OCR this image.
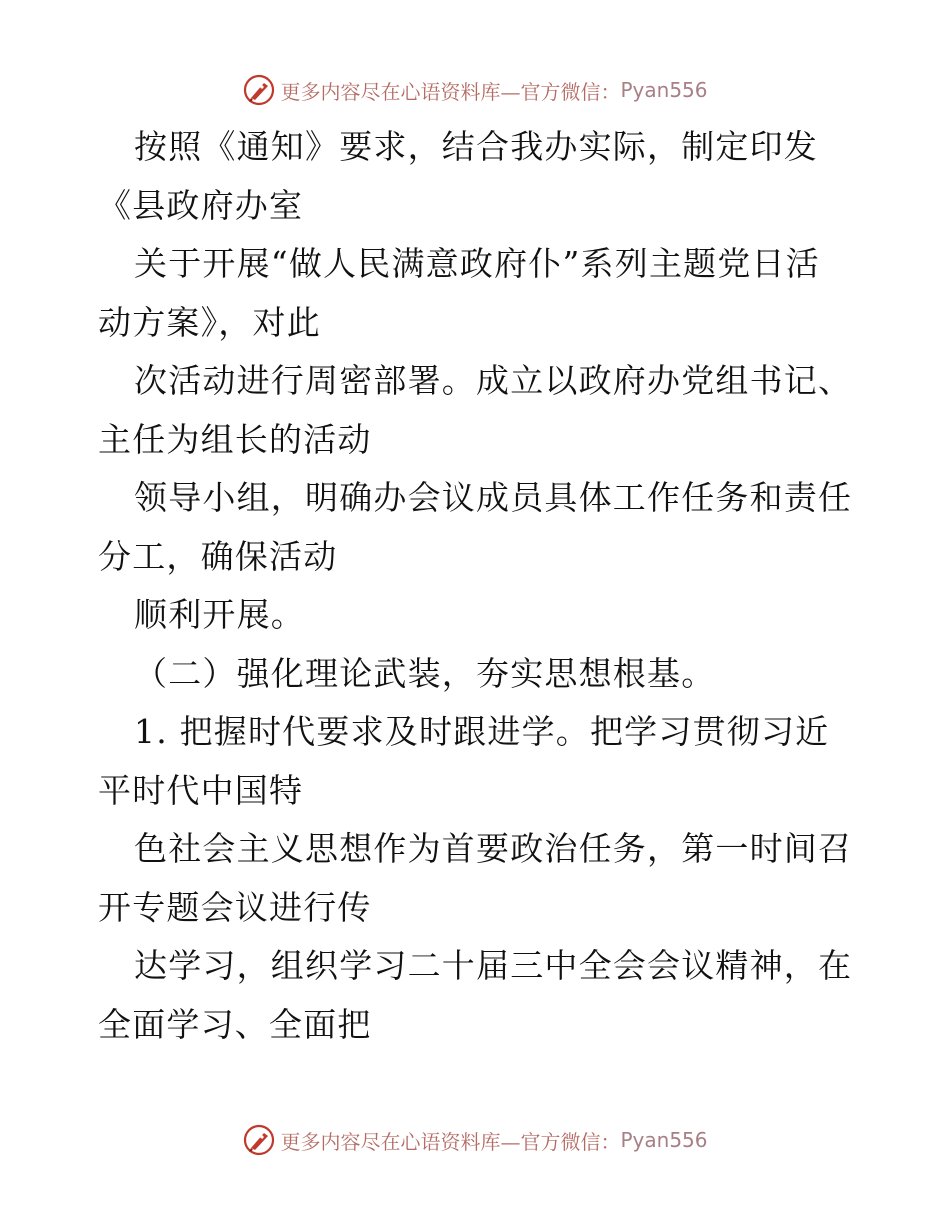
更多内容尽在心语资料库—官方微信： Pyan556
按照《通知》要求，结合我办实际，制定印发
《县政府办室
关于开展“做人民满意政府仆”系列主题党日活
动方案》，对此
次活动进行周密部署。成立以政府办党组书记、
主任为组长的活动
领导小组，明确办会议成员具体工作任务和责任
分工，确保活动
顺利开展。
（二）强化理论武装，夯实思想根基。
1. 把握时代要求及时跟进学。把学习贯彻习近
平时代中国特
色社会主义思想作为首要政治任务，第一时间召
开专题会议进行传
达学习，组织学习二十届三中全会会议精神，在
全面学习、全面把
更多内容尽在心语资料库—官方微信： Pyan556
